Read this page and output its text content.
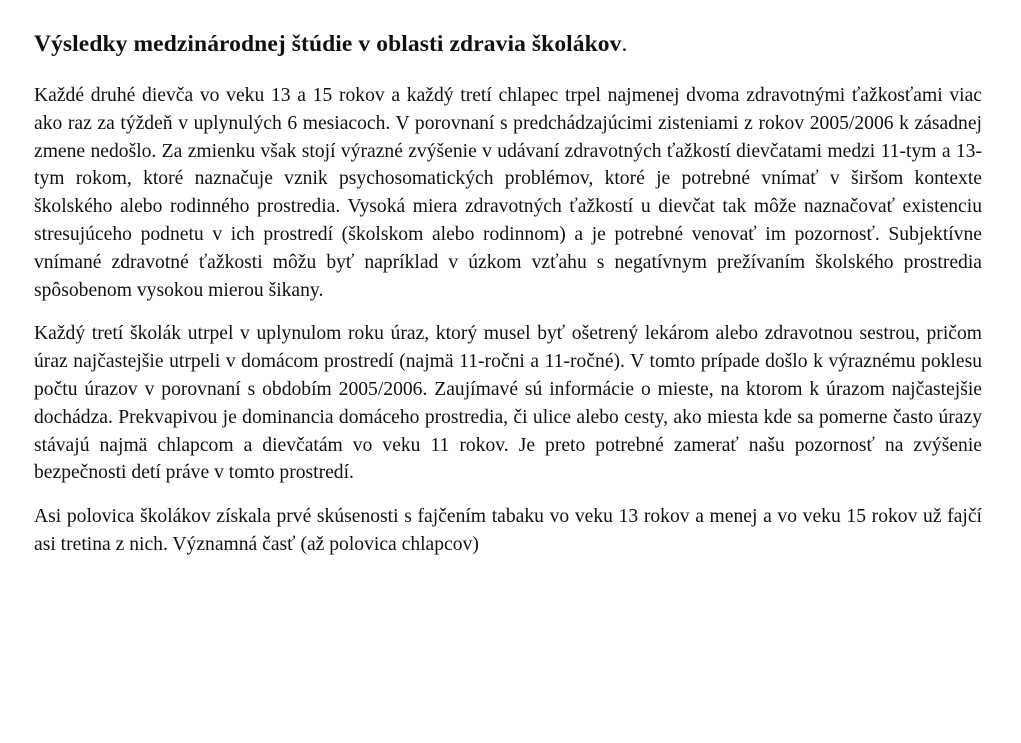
Výsledky medzinárodnej štúdie v oblasti zdravia školákov.

Každé druhé dievča vo veku 13 a 15 rokov a každý tretí chlapec trpel najmenej dvoma zdravotnými ťažkosťami viac ako raz za týždeň v uplynulých 6 mesiacoch. V porovnaní s predchádzajúcimi zisteniami z rokov 2005/2006 k zásadnej zmene nedošlo. Za zmienku však stojí výrazné zvýšenie v udávaní zdravotných ťažkostí dievčatami medzi 11-tym a 13-tym rokom, ktoré naznačuje vznik psychosomatických problémov, ktoré je potrebné vnímať v širšom kontexte školského alebo rodinného prostredia. Vysoká miera zdravotných ťažkostí u dievčat tak môže naznačovať existenciu stresujúceho podnetu v ich prostredí (školskom alebo rodinnom) a je potrebné venovať im pozornosť. Subjektívne vnímané zdravotné ťažkosti môžu byť napríklad v úzkom vzťahu s negatívnym prežívaním školského prostredia spôsobenom vysokou mierou šikany.

Každý tretí školák utrpel v uplynulom roku úraz, ktorý musel byť ošetrený lekárom alebo zdravotnou sestrou, pričom úraz najčastejšie utrpeli v domácom prostredí (najmä 11-ročni a 11-ročné). V tomto prípade došlo k výraznému poklesu počtu úrazov v porovnaní s obdobím 2005/2006. Zaujímavé sú informácie o mieste, na ktorom k úrazom najčastejšie dochádza. Prekvapivou je dominancia domáceho prostredia, či ulice alebo cesty, ako miesta kde sa pomerne často úrazy stávajú najmä chlapcom a dievčatám vo veku 11 rokov. Je preto potrebné zamerať našu pozornosť na zvýšenie bezpečnosti detí práve v tomto prostredí.

Asi polovica školákov získala prvé skúsenosti s fajčením tabaku vo veku 13 rokov a menej a vo veku 15 rokov už fajčí asi tretina z nich. Významná časť (až polovica chlapcov)
